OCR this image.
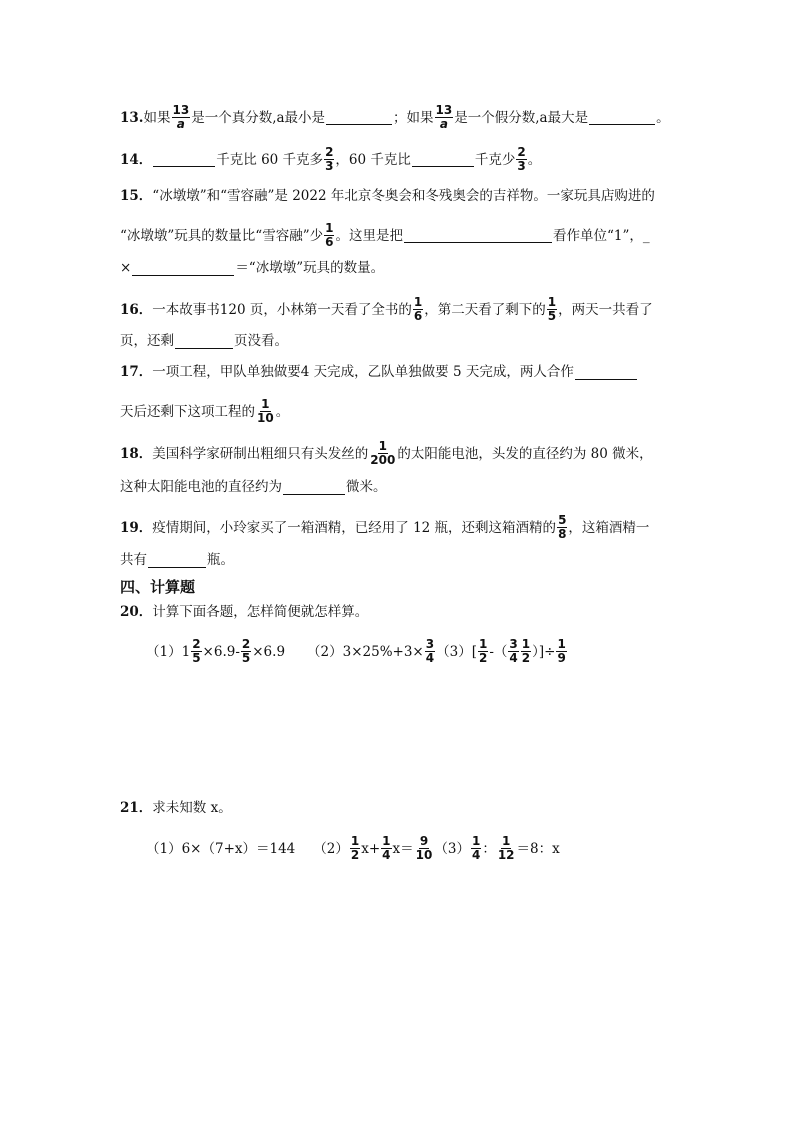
13. 如果 $\frac{13}{a}$ 是一个真分数,a最小是	；如果 $\frac{13}{a}$ 是一个假分数,a最大是	。
14．	千克比 60 千克多 $\frac{2}{3}$ ，60 千克比	千克少 $\frac{2}{3}$ 。
15． “冰墩墩”和“雪容融”是 2022 年北京冬奥会和冬残奥会的吉祥物。一家玩具店购进的
“冰墩墩”玩具的数量比“雪容融”少 $\frac{1}{6}$ 。这里是把	看作单位“1”，_
×	＝“冰墩墩”玩具的数量。
16． 一本故事书120 页，小林第一天看了全书的 $\frac{1}{6}$ ，第二天看了剩下的 $\frac{1}{5}$ ，两天一共看了
页，还剩	页没看。
17． 一项工程，甲队单独做要4 天完成，乙队单独做要 5 天完成，两人合作
天后还剩下这项工程的 $\frac{1}{10}$ 。
18． 美国科学家研制出粗细只有头发丝的 $\frac{1}{200}$ 的太阳能电池，头发的直径约为 80 微米，
这种太阳能电池的直径约为	微米。
19． 疫情期间，小玲家买了一箱酒精，已经用了 12 瓶，还剩这箱酒精的 $\frac{5}{8}$ ，这箱酒精一
共有	瓶。
四、计算题
20． 计算下面各题，怎样简便就怎样算。
（1） $1 \frac{2}{5} \times 6.9- \frac{2}{5} \times 6.9$ $(2)3\times 25\%+3\times \frac{3}{4} (3)[ \frac{1}{2}$ -（ $\frac{3}{4} \frac{1}{2}$ ）]÷ $\frac{1}{9}$
21． 求未知数 x。
（1）6×（7+x）＝144 $(2) \frac{1}{2} x+ \frac{1}{4} x= \frac{9}{10} (3) \frac{1}{4}$ ： $\frac{1}{12} =8$：x
